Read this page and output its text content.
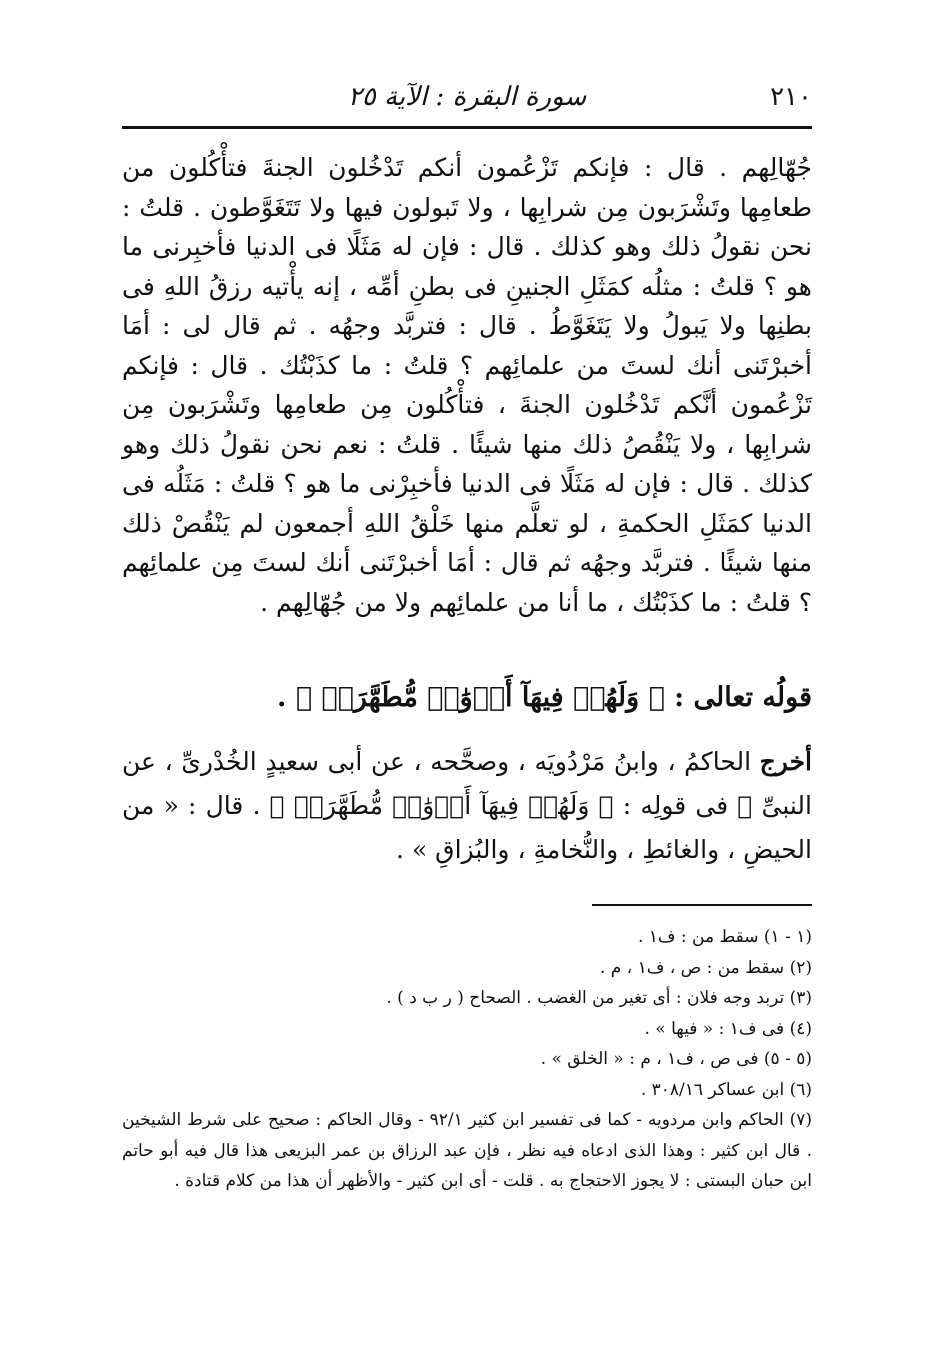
٢١٠
سورة البقرة : الآية ٢٥

جُهّالِهم . قال : فإنكم تَزْعُمون أنكم تَدْخُلون الجنةَ فتأْكُلون من طعامِها وتَشْرَبون مِن شرابِها ، ولا تَبولون فيها ولا تَتَغَوَّطون . قلتُ : نحن نقولُ ذلك وهو كذلك . قال : فإن له مَثَلًا فى الدنيا فأخبِرنى ما هو ؟ قلتُ : مثلُه كمَثَلِ الجنينِ فى بطنِ أمِّه ، إنه يأْتيه رزقُ اللهِ فى بطنِها ولا يَبولُ ولا يَتَغَوَّطُ . قال : فتربَّد وجهُه . ثم قال لى : أمَا أخبرْتَنى أنك لستَ من علمائِهم ؟ قلتُ : ما كذَبْتُك . قال : فإنكم تَزْعُمون أنَّكم تَدْخُلون الجنةَ ، فتأْكُلون مِن طعامِها وتَشْرَبون مِن شرابِها ، ولا يَنْقُصُ ذلك منها شيئًا . قلتُ : نعم نحن نقولُ ذلك وهو كذلك . قال : فإن له مَثَلًا فى الدنيا فأخبِرْنى ما هو ؟ قلتُ : مَثَلُه فى الدنيا كمَثَلِ الحكمةِ ، لو تعلَّم منها خَلْقُ اللهِ أجمعون لم يَنْقُصْ ذلك منها شيئًا . فتربَّد وجهُه ثم قال : أمَا أخبرْتَنى أنك لستَ مِن علمائِهم ؟ قلتُ : ما كذَبْتُك ، ما أنا من علمائِهم ولا من جُهّالِهم .

قولُه تعالى : ﴿ وَلَهُمۡ فِيهَآ أَزۡوَٰجٞ مُّطَهَّرَةٞ ﴾ .
أخرج الحاكمُ ، وابنُ مَرْدُويَه ، وصحَّحه ، عن أبى سعيدٍ الخُدْرىِّ ، عن النبىِّ ﷺ فى قولِه : ﴿ وَلَهُمۡ فِيهَآ أَزۡوَٰجٞ مُّطَهَّرَةٞ ﴾ . قال : « من الحيضِ ، والغائطِ ، والنُّخامةِ ، والبُزاقِ » .
(١ - ١) سقط من : ف١ .
(٢) سقط من : ص ، ف١ ، م .
(٣) تربد وجه فلان : أى تغير من الغضب . الصحاح ( ر ب د ) .
(٤) فى ف١ : « فيها » .
(٥ - ٥) فى ص ، ف١ ، م : « الخلق » .
(٦) ابن عساكر ٣٠٨/١٦ .
(٧) الحاكم وابن مردويه - كما فى تفسير ابن كثير ٩٢/١ - وقال الحاكم : صحيح على شرط الشيخين . قال ابن كثير : وهذا الذى ادعاه فيه نظر ، فإن عبد الرزاق بن عمر البزيعى هذا قال فيه أبو حاتم ابن حبان البستى : لا يجوز الاحتجاج به . قلت - أى ابن كثير - والأظهر أن هذا من كلام قتادة .
